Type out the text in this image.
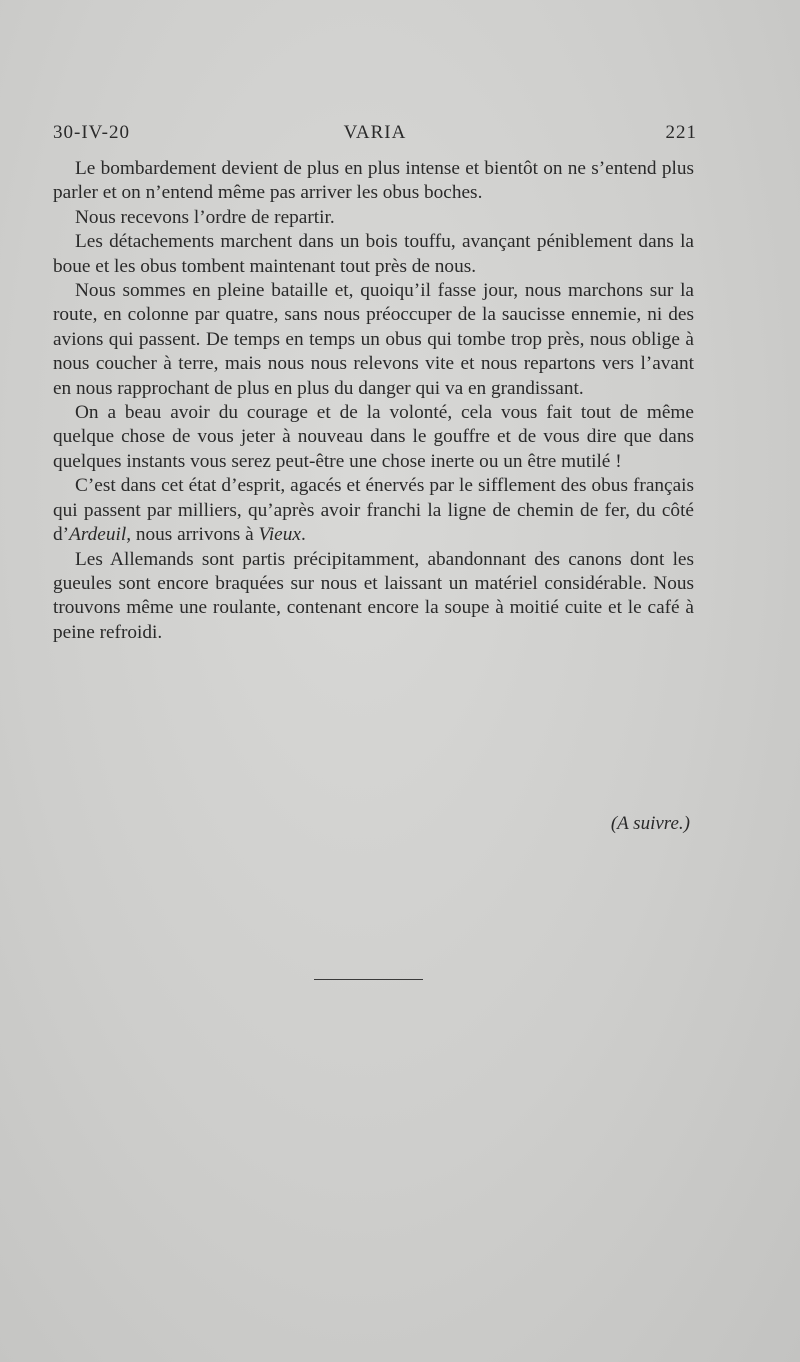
30-IV-20	VARIA	221

Le bombardement devient de plus en plus intense et bientôt on ne s’entend plus parler et on n’entend même pas arriver les obus boches.

Nous recevons l’ordre de repartir.

Les détachements marchent dans un bois touffu, avançant péniblement dans la boue et les obus tombent maintenant tout près de nous.

Nous sommes en pleine bataille et, quoiqu’il fasse jour, nous marchons sur la route, en colonne par quatre, sans nous préoccuper de la saucisse ennemie, ni des avions qui passent. De temps en temps un obus qui tombe trop près, nous oblige à nous coucher à terre, mais nous nous relevons vite et nous repartons vers l’avant en nous rapprochant de plus en plus du danger qui va en grandissant.

On a beau avoir du courage et de la volonté, cela vous fait tout de même quelque chose de vous jeter à nouveau dans le gouffre et de vous dire que dans quelques instants vous serez peut-être une chose inerte ou un être mutilé !

C’est dans cet état d’esprit, agacés et énervés par le sifflement des obus français qui passent par milliers, qu’après avoir franchi la ligne de chemin de fer, du côté d’Ardeuil, nous arrivons à Vieux.

Les Allemands sont partis précipitamment, abandonnant des canons dont les gueules sont encore braquées sur nous et laissant un matériel considérable. Nous trouvons même une roulante, contenant encore la soupe à moitié cuite et le café à peine refroidi.

(A suivre.)
